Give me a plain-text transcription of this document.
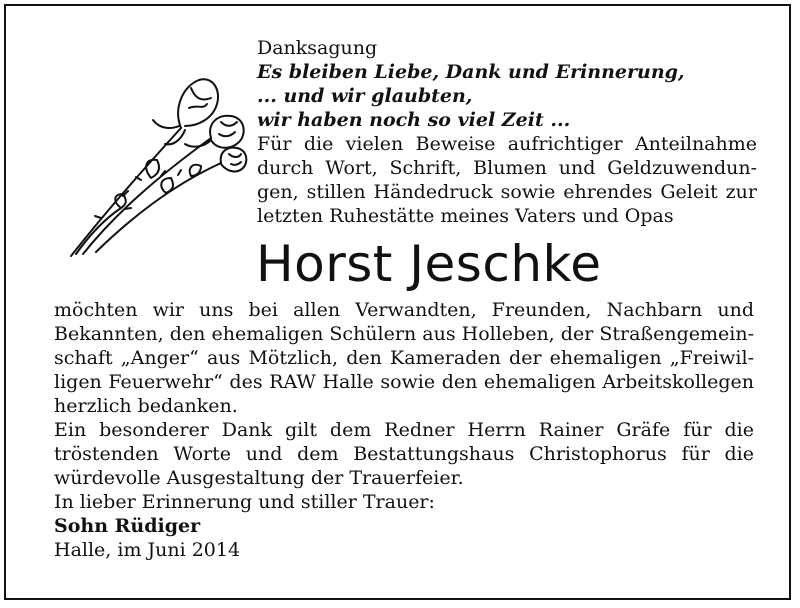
Danksagung
Es bleiben Liebe, Dank und Erinnerung,
... und wir glaubten,
wir haben noch so viel Zeit ...
Für die vielen Beweise aufrichtiger Anteilnahme
durch Wort, Schrift, Blumen und Geldzuwendun-
gen, stillen Händedruck sowie ehrendes Geleit zur
letzten Ruhestätte meines Vaters und Opas
Horst Jeschke
möchten wir uns bei allen Verwandten, Freunden, Nachbarn und
Bekannten, den ehemaligen Schülern aus Holleben, der Straßengemein-
schaft „Anger“ aus Mötzlich, den Kameraden der ehemaligen „Freiwil-
ligen Feuerwehr“ des RAW Halle sowie den ehemaligen Arbeitskollegen
herzlich bedanken.
Ein besonderer Dank gilt dem Redner Herrn Rainer Gräfe für die
tröstenden Worte und dem Bestattungshaus Christophorus für die
würdevolle Ausgestaltung der Trauerfeier.
In lieber Erinnerung und stiller Trauer:
Sohn Rüdiger
Halle, im Juni 2014
